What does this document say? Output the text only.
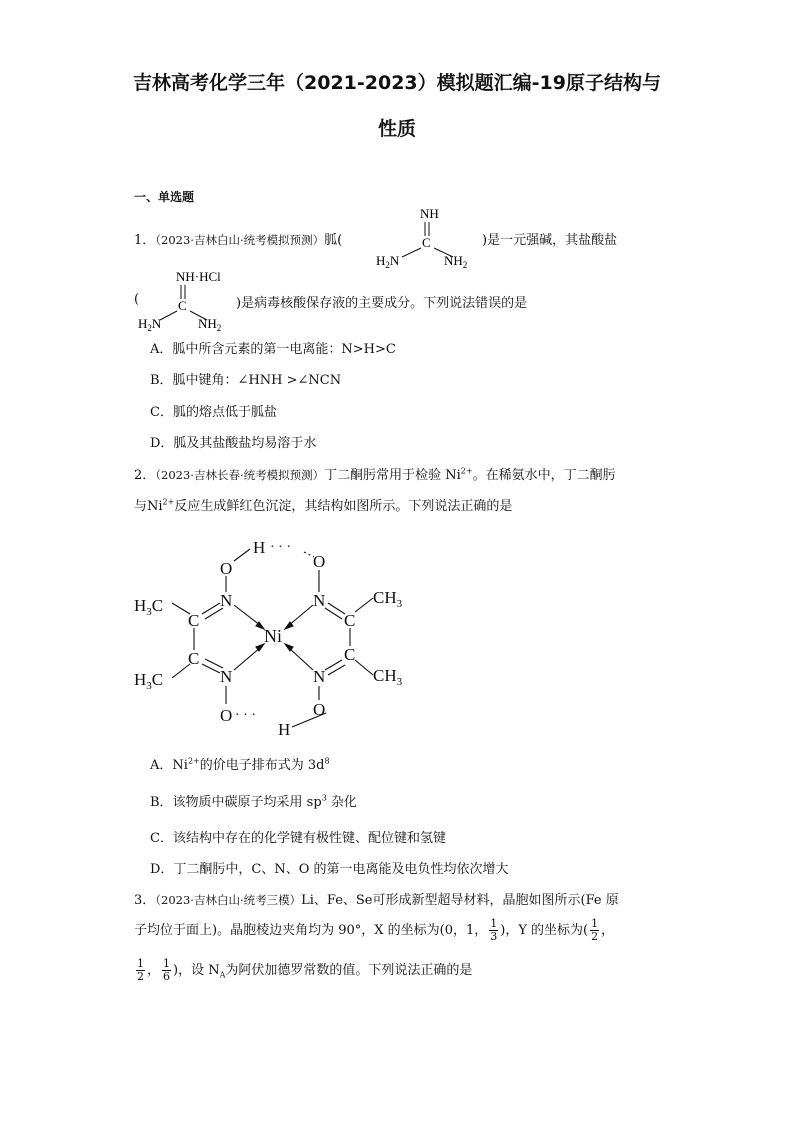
吉林高考化学三年（2021-2023）模拟题汇编-19原子结构与
性质
一、单选题
1．（2023·吉林白山·统考模拟预测）胍(
NH
C
$H_2N$	$NH_2$
)是一元强碱，其盐酸盐
(
NH·HCl
C
$H_2N$	$NH_2$
)是病毒核酸保存液的主要成分。下列说法错误的是
A．胍中所含元素的第一电离能：N>H>C
B．胍中键角：∠HNH >∠NCN
C．胍的熔点低于胍盐
D．胍及其盐酸盐均易溶于水
2．（2023·吉林长春·统考模拟预测）丁二酮肟常用于检验 $Ni^{2+}$。在稀氨水中，丁二酮肟
与$Ni^{2+}$反应生成鲜红色沉淀，其结构如图所示。下列说法正确的是
H · · ·
O
N
O
N
$H_3C$	$CH_3$
$H_3C$	$CH_3$
C
C
C
C
Ni
N	N
O	O
· · ·
H
A．$Ni^{2+}$的价电子排布式为 $3d^8$
B．该物质中碳原子均采用 $sp^3$ 杂化
C．该结构中存在的化学键有极性键、配位键和氢键
D．丁二酮肟中，C、N、O 的第一电离能及电负性均依次增大
3．（2023·吉林白山·统考三模）Li、Fe、Se可形成新型超导材料，晶胞如图所示(Fe 原
子均位于面上)。晶胞棱边夹角均为 90°，X 的坐标为(0，1， $\frac{1}{3}$ )，Y 的坐标为( $\frac{1}{2}$ ，
$\frac{1}{2}$ ， $\frac{1}{6}$ )，设 $N_A$为阿伏加德罗常数的值。下列说法正确的是
